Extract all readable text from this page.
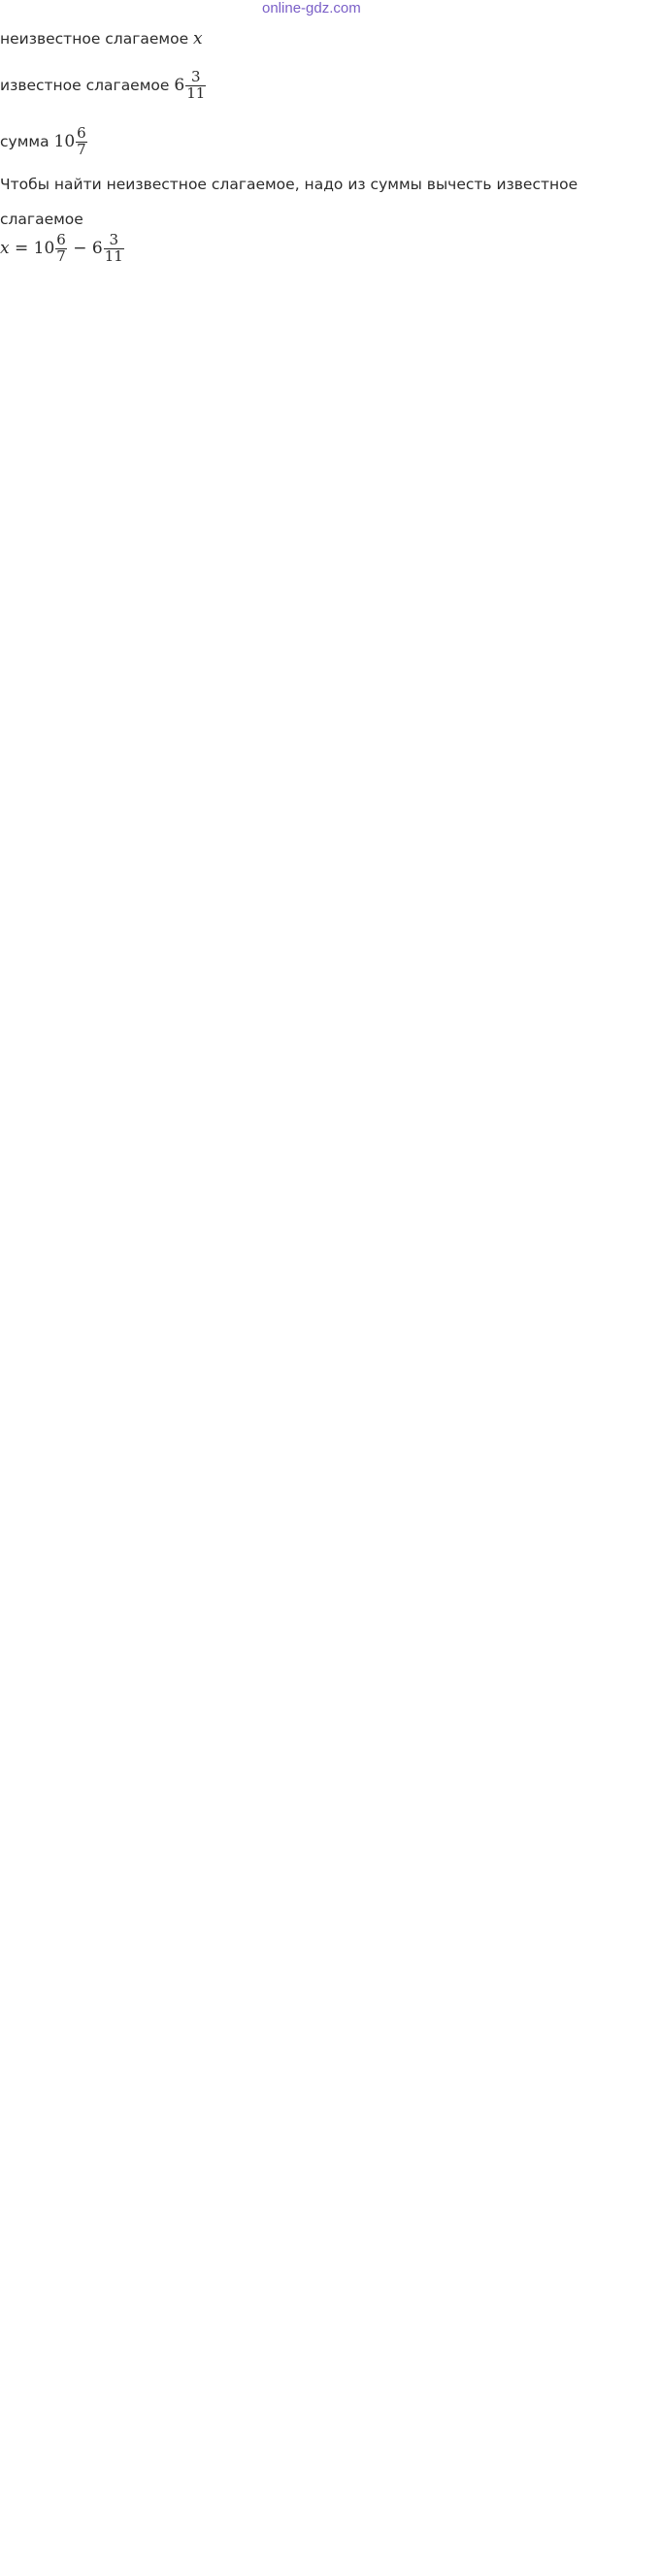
online-gdz.com
неизвестное слагаемое x
известное слагаемое $6 \frac{3}{11}$
сумма $10 \frac{6}{7}$
Чтобы найти неизвестное слагаемое, надо из суммы вычесть известное слагаемое
$x = 10 \frac{6}{7} - 6 \frac{3}{11}$
